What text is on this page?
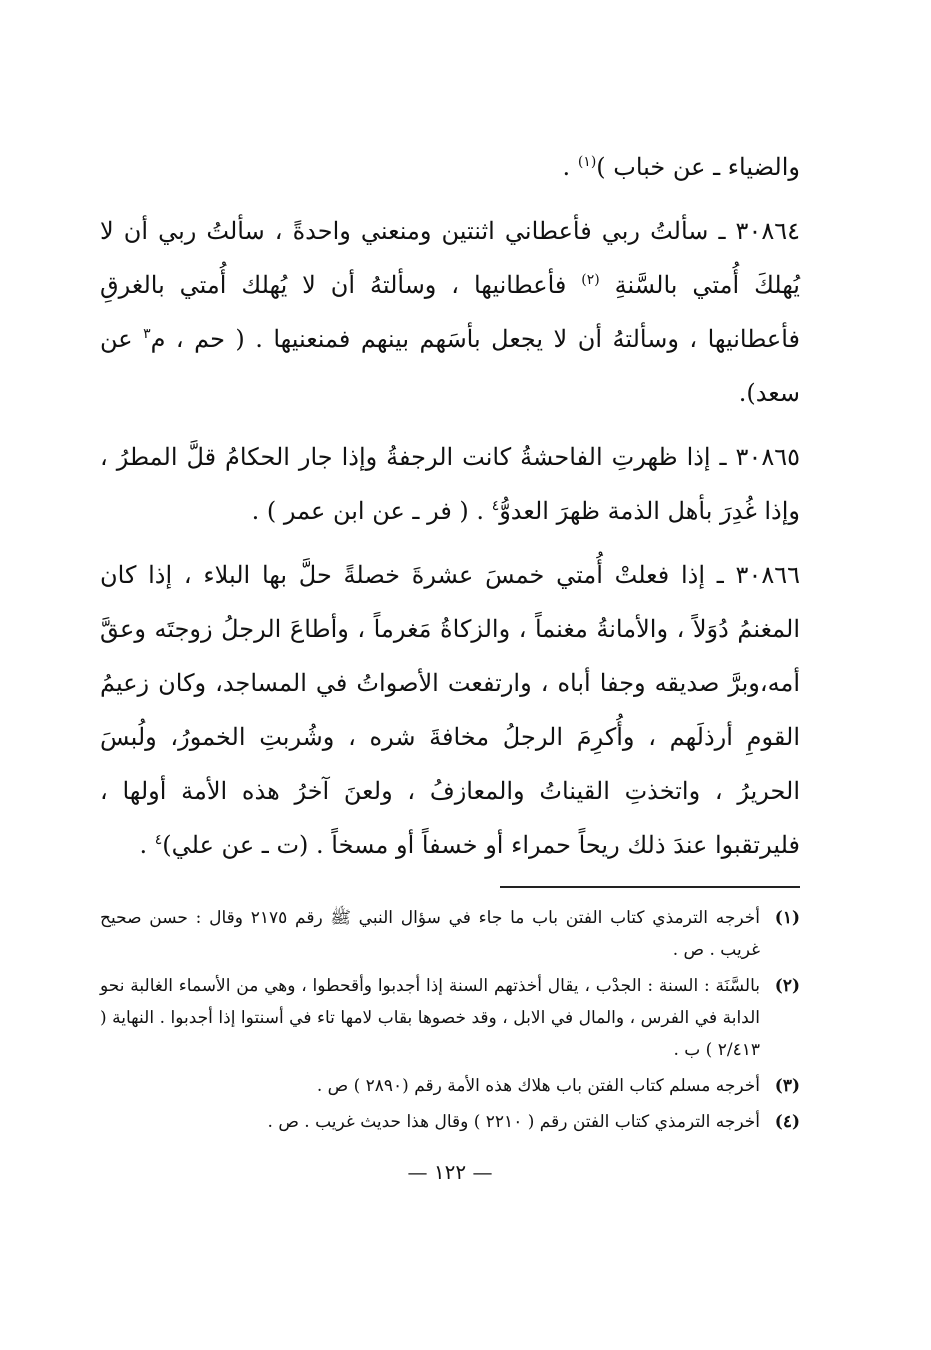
والضياء ـ عن خباب )$^{(١)}$ .

٣٠٨٦٤ ـ سألتُ ربي فأعطاني اثنتين ومنعني واحدةً ، سألتُ ربي أن لا يُهلكَ أُمتي بالسَّنةِ $^{(٢)}$ فأعطانيها ، وسألتهُ أن لا يُهلك أُمتي بالغرقِ فأعطانيها ، وسألتهُ أن لا يجعل بأسَهم بينهم فمنعنيها . ( حم ، م$^٣$ عن سعد).

٣٠٨٦٥ ـ إذا ظهرتِ الفاحشةُ كانت الرجفةُ وإذا جار الحكامُ قلَّ المطرُ ، وإذا غُدِرَ بأهل الذمة ظهرَ العدوُّ$^٤$ . ( فر ـ عن ابن عمر ) .

٣٠٨٦٦ ـ إذا فعلتْ أُمتي خمسَ عشرةَ خصلةً حلَّ بها البلاء ، إذا كان المغنمُ دُوَلاً ، والأمانةُ مغنماً ، والزكاةُ مَغرماً ، وأطاعَ الرجلُ زوجتَه وعقَّ أمه،وبرَّ صديقه وجفا أباه ، وارتفعت الأصواتُ في المساجد، وكان زعيمُ القومِ أرذلَهم ، وأُكرِمَ الرجلُ مخافةَ شره ، وشُربتِ الخمورُ، ولُبسَ الحريرُ ، واتخذتِ القيناتُ والمعازفُ ، ولعنَ آخرُ هذه الأمة أولها ، فليرتقبوا عندَ ذلك ريحاً حمراء أو خسفاً أو مسخاً . (ت ـ عن علي)$^٤$ .

(١)
أخرجه الترمذي كتاب الفتن باب ما جاء في سؤال النبي ﷺ رقم ٢١٧٥ وقال : حسن صحيح غريب . ص .
(٢)
بالسَّنَة : السنة : الجدْب ، يقال أخذتهم السنة إذا أجدبوا وأقحطوا ، وهي من الأسماء الغالبة نحو الدابة في الفرس ، والمال في الابل ، وقد خصوها بقاب لامها تاء في أسنتوا إذا أجدبوا . النهاية ( ٢/٤١٣ ) ب .
(٣)
أخرجه مسلم كتاب الفتن باب هلاك هذه الأمة رقم (٢٨٩٠ ) ص .
(٤)
أخرجه الترمذي كتاب الفتن رقم ( ٢٢١٠ ) وقال هذا حديث غريب . ص .
— ١٢٢ —
